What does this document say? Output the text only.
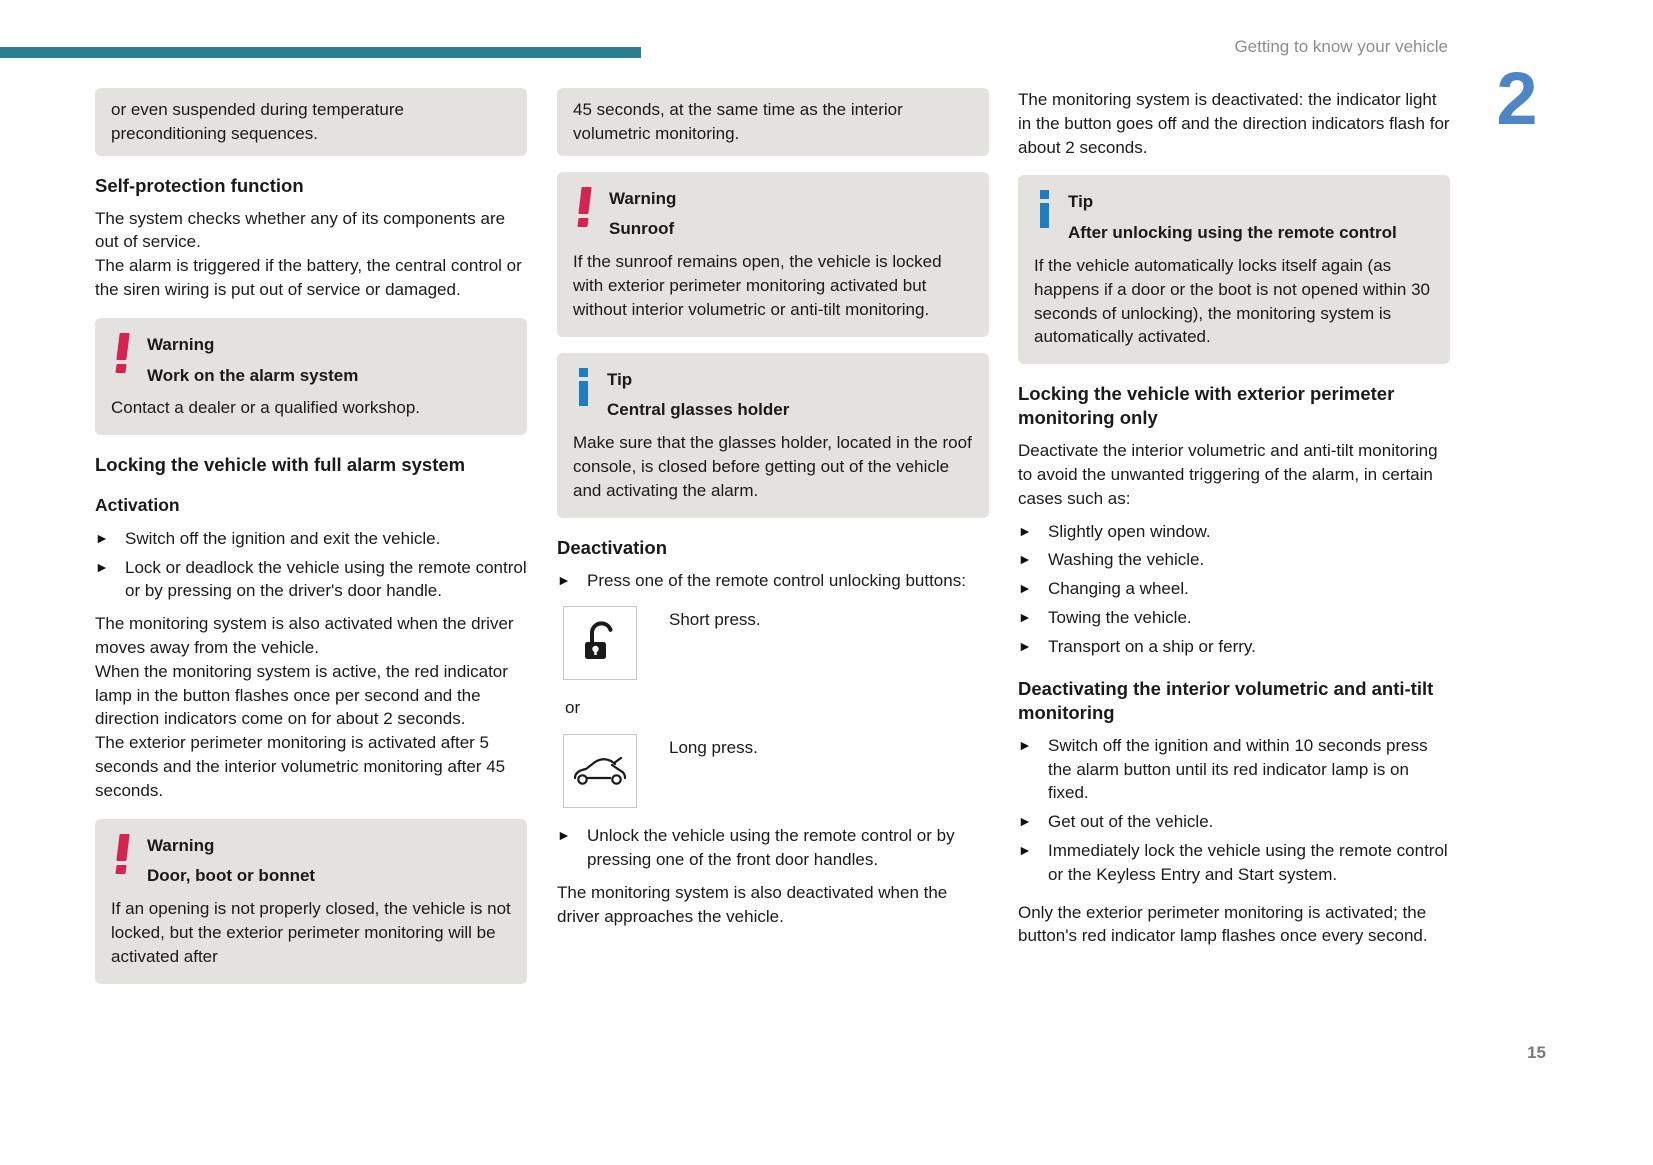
Getting to know your vehicle
2

or even suspended during temperature preconditioning sequences.

Self-protection function

The system checks whether any of its components are out of service.

The alarm is triggered if the battery, the central control or the siren wiring is put out of service or damaged.

Warning
Work on the alarm system
Contact a dealer or a qualified workshop.
Locking the vehicle with full alarm system
Activation
► Switch off the ignition and exit the vehicle.
► Lock or deadlock the vehicle using the remote control or by pressing on the driver's door handle.

The monitoring system is also activated when the driver moves away from the vehicle.

When the monitoring system is active, the red indicator lamp in the button flashes once per second and the direction indicators come on for about 2 seconds.

The exterior perimeter monitoring is activated after 5 seconds and the interior volumetric monitoring after 45 seconds.

Warning
Door, boot or bonnet
If an opening is not properly closed, the vehicle is not locked, but the exterior perimeter monitoring will be activated after

45 seconds, at the same time as the interior volumetric monitoring.

Warning
Sunroof
If the sunroof remains open, the vehicle is locked with exterior perimeter monitoring activated but without interior volumetric or anti-tilt monitoring.
Tip
Central glasses holder
Make sure that the glasses holder, located in the roof console, is closed before getting out of the vehicle and activating the alarm.
Deactivation
► Press one of the remote control unlocking buttons:
Short press.
or
Long press.
► Unlock the vehicle using the remote control or by pressing one of the front door handles.

The monitoring system is also deactivated when the driver approaches the vehicle.

The monitoring system is deactivated: the indicator light in the button goes off and the direction indicators flash for about 2 seconds.

Tip
After unlocking using the remote control
If the vehicle automatically locks itself again (as happens if a door or the boot is not opened within 30 seconds of unlocking), the monitoring system is automatically activated.
Locking the vehicle with exterior perimeter monitoring only

Deactivate the interior volumetric and anti-tilt monitoring to avoid the unwanted triggering of the alarm, in certain cases such as:

► Slightly open window.
► Washing the vehicle.
► Changing a wheel.
► Towing the vehicle.
► Transport on a ship or ferry.
Deactivating the interior volumetric and anti-tilt monitoring
► Switch off the ignition and within 10 seconds press the alarm button until its red indicator lamp is on fixed.
► Get out of the vehicle.
► Immediately lock the vehicle using the remote control or the Keyless Entry and Start system.

Only the exterior perimeter monitoring is activated; the button's red indicator lamp flashes once every second.

15
